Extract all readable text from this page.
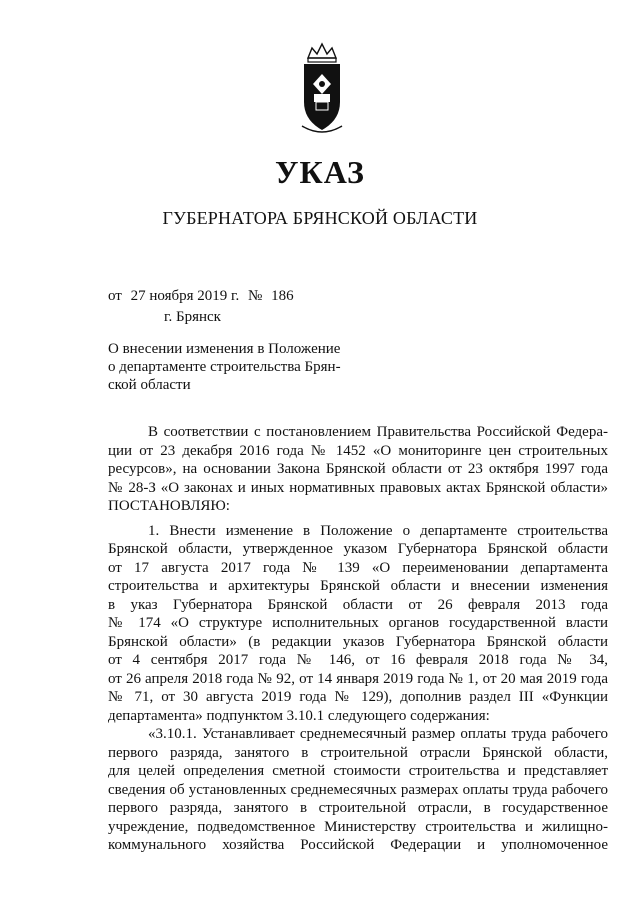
УКАЗ
ГУБЕРНАТОРА БРЯНСКОЙ ОБЛАСТИ
от 27 ноября 2019 г. № 186
г. Брянск
О внесении изменения в Положение
о департаменте строительства Брян-
ской области
В соответствии с постановлением Правительства Российской Федера-
ции от 23 декабря 2016 года № 1452 «О мониторинге цен строительных
ресурсов», на основании Закона Брянской области от 23 октября 1997 года
№ 28-З «О законах и иных нормативных правовых актах Брянской области»
ПОСТАНОВЛЯЮ:
1. Внести изменение в Положение о департаменте строительства
Брянской области, утвержденное указом Губернатора Брянской области
от 17 августа 2017 года № 139 «О переименовании департамента
строительства и архитектуры Брянской области и внесении изменения
в указ Губернатора Брянской области от 26 февраля 2013 года
№ 174 «О структуре исполнительных органов государственной власти
Брянской области» (в редакции указов Губернатора Брянской области
от 4 сентября 2017 года № 146, от 16 февраля 2018 года № 34,
от 26 апреля 2018 года № 92, от 14 января 2019 года № 1, от 20 мая 2019 года
№ 71, от 30 августа 2019 года № 129), дополнив раздел III «Функции
департамента» подпунктом 3.10.1 следующего содержания:
«3.10.1. Устанавливает среднемесячный размер оплаты труда рабочего
первого разряда, занятого в строительной отрасли Брянской области,
для целей определения сметной стоимости строительства и представляет
сведения об установленных среднемесячных размерах оплаты труда рабочего
первого разряда, занятого в строительной отрасли, в государственное
учреждение, подведомственное Министерству строительства и жилищно-
коммунального хозяйства Российской Федерации и уполномоченное
